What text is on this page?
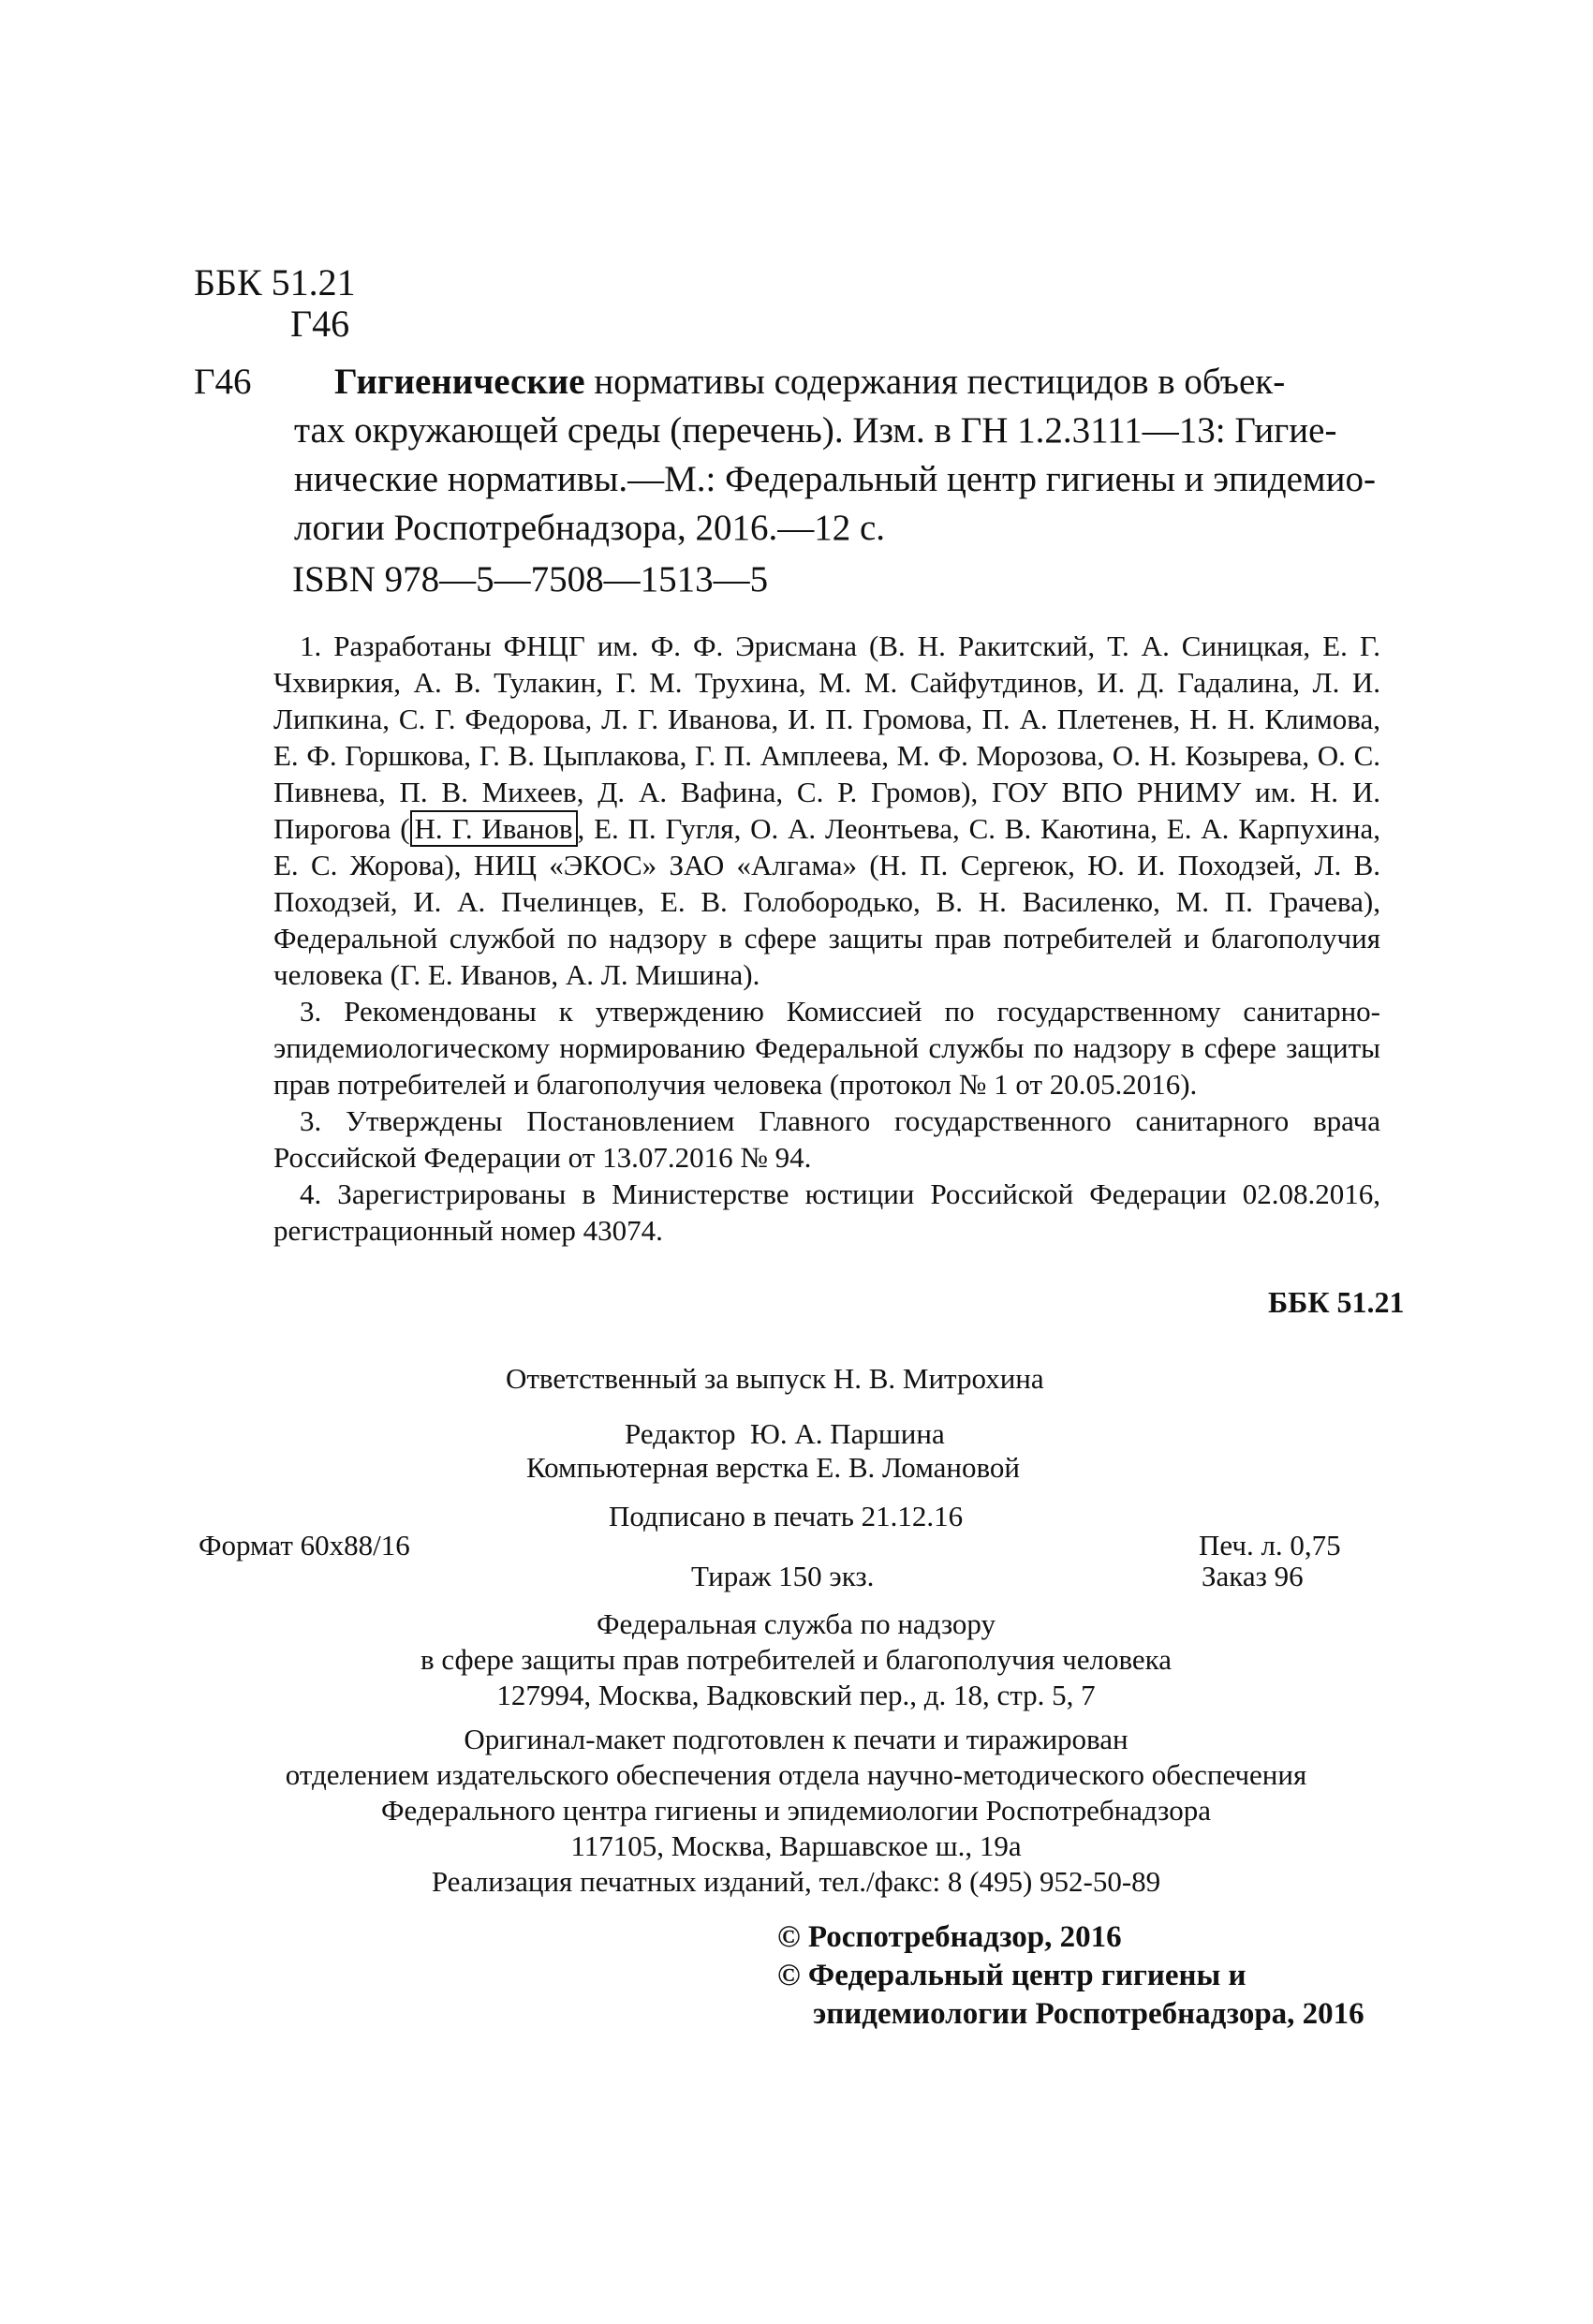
ББК 51.21
Г46
Г46 Гигиенические нормативы содержания пестицидов в объек-
тах окружающей среды (перечень). Изм. в ГН 1.2.3111—13: Гигие-
нические нормативы.—М.: Федеральный центр гигиены и эпидемио-
логии Роспотребнадзора, 2016.—12 с.
ISBN 978—5—7508—1513—5

1. Разработаны ФНЦГ им. Ф. Ф. Эрисмана (В. Н. Ракитский, Т. А. Синицкая, Е. Г. Чхвиркия, А. В. Тулакин, Г. М. Трухина, М. М. Сайфутдинов, И. Д. Гадалина, Л. И. Липкина, С. Г. Федорова, Л. Г. Иванова, И. П. Громова, П. А. Плетенев, Н. Н. Климова, Е. Ф. Горшкова, Г. В. Цыплакова, Г. П. Амплеева, М. Ф. Морозова, О. Н. Козырева, О. С. Пивнева, П. В. Михеев, Д. А. Вафина, С. Р. Громов), ГОУ ВПО РНИМУ им. Н. И. Пирогова ( Н. Г. Иванов , Е. П. Гугля, О. А. Леонтьева, С. В. Каютина, Е. А. Карпухина, Е. С. Жорова), НИЦ «ЭКОС» ЗАО «Алгама» (Н. П. Сергеюк, Ю. И. Походзей, Л. В. Походзей, И. А. Пчелинцев, Е. В. Голобородько, В. Н. Василенко, М. П. Грачева), Федеральной службой по надзору в сфере защиты прав потребителей и благополучия человека (Г. Е. Иванов, А. Л. Мишина).

3. Рекомендованы к утверждению Комиссией по государственному санитарно-эпидемиологическому нормированию Федеральной службы по надзору в сфере защиты прав потребителей и благополучия человека (протокол № 1 от 20.05.2016).

3. Утверждены Постановлением Главного государственного санитарного врача Российской Федерации от 13.07.2016 № 94.

4. Зарегистрированы в Министерстве юстиции Российской Федерации 02.08.2016, регистрационный номер 43074.

ББК 51.21
Ответственный за выпуск Н. В. Митрохина
Редактор  Ю. А. Паршина
Компьютерная верстка Е. В. Ломановой
Подписано в печать 21.12.16
Формат 60x88/16	Печ. л. 0,75
Тираж 150 экз.	Заказ 96
Федеральная служба по надзору
в сфере защиты прав потребителей и благополучия человека
127994, Москва, Вадковский пер., д. 18, стр. 5, 7
Оригинал-макет подготовлен к печати и тиражирован
отделением издательского обеспечения отдела научно-методического обеспечения
Федерального центра гигиены и эпидемиологии Роспотребнадзора
117105, Москва, Варшавское ш., 19а
Реализация печатных изданий, тел./факс: 8 (495) 952-50-89
© Роспотребнадзор, 2016
© Федеральный центр гигиены и
эпидемиологии Роспотребнадзора, 2016
